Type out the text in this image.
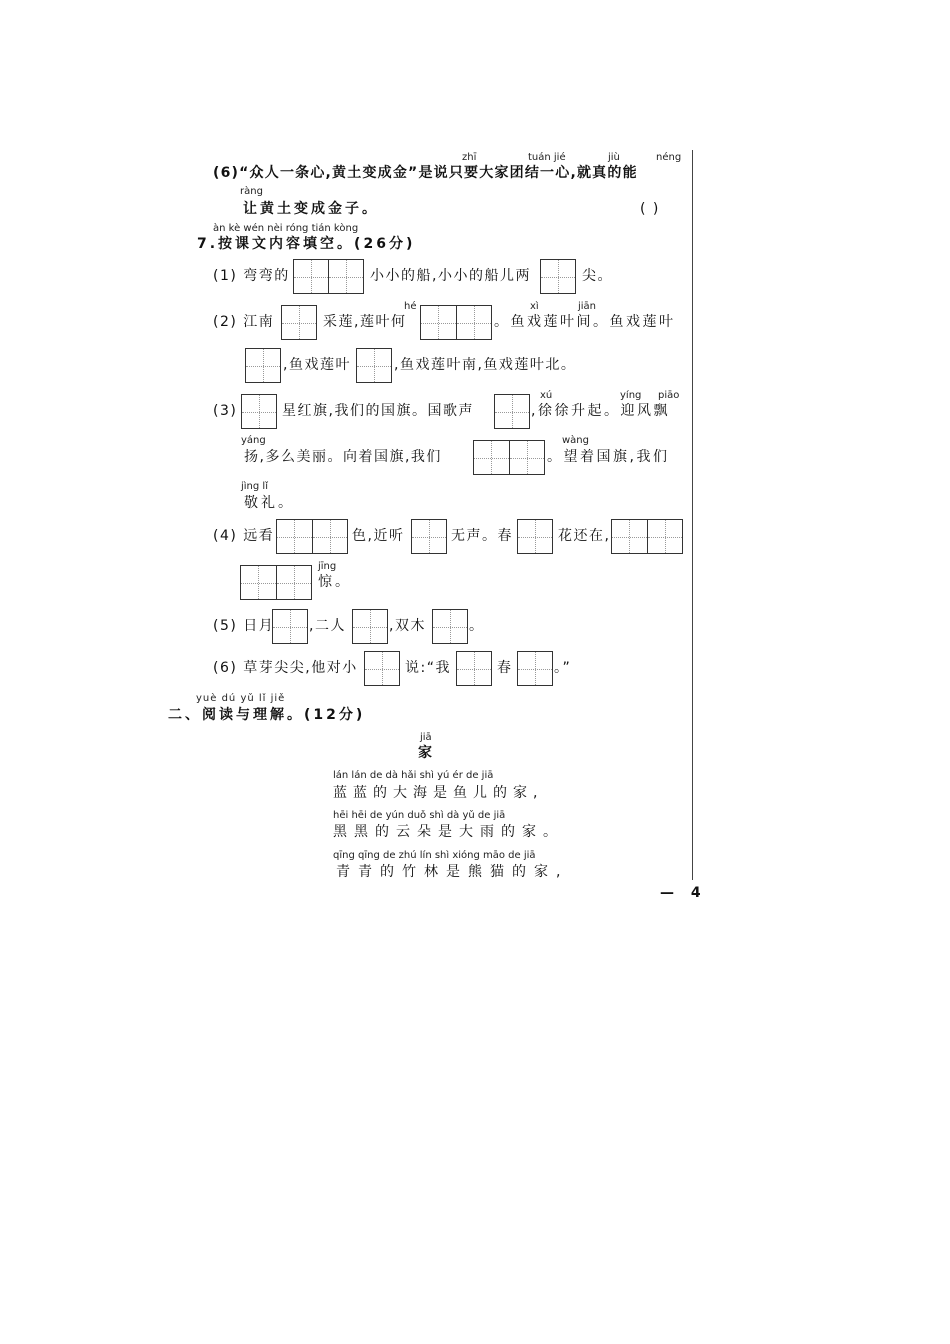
zhī	tuán jié	jiù	néng
(6)“众人一条心,黄土变成金”是说只要大家团结一心,就真的能
ràng
让黄土变成金子。	( )
àn kè wén nèi róng tián kòng
7.按课文内容填空。(26分)
(1) 弯弯的	小小的船,小小的船儿两	尖。
hé	xì	jiān
(2) 江南	采莲,莲叶何	。鱼戏莲叶间。鱼戏莲叶
,鱼戏莲叶	,鱼戏莲叶南,鱼戏莲叶北。
xú	yíng piāo
(3)	星红旗,我们的国旗。国歌声	,徐徐升起。迎风飘
yáng	wàng
扬,多么美丽。向着国旗,我们	。望着国旗,我们
jìng lǐ
敬礼。
(4) 远看	色,近听	无声。春	花还在,
jīng
惊。
(5) 日月 ,二人	,双木	。
(6) 草芽尖尖,他对小	说:“我	春	。”
yuè dú yǔ lǐ jiě
二、阅读与理解。(12分)
jiā
家
lán lán de dà hǎi shì yú ér de jiā
蓝蓝的大海是鱼儿的家,
hēi hēi de yún duǒ shì dà yǔ de jiā
黑黑的云朵是大雨的家。
qīng qīng de zhú lín shì xióng māo de jiā
青青的竹林是熊猫的家,
— 4
